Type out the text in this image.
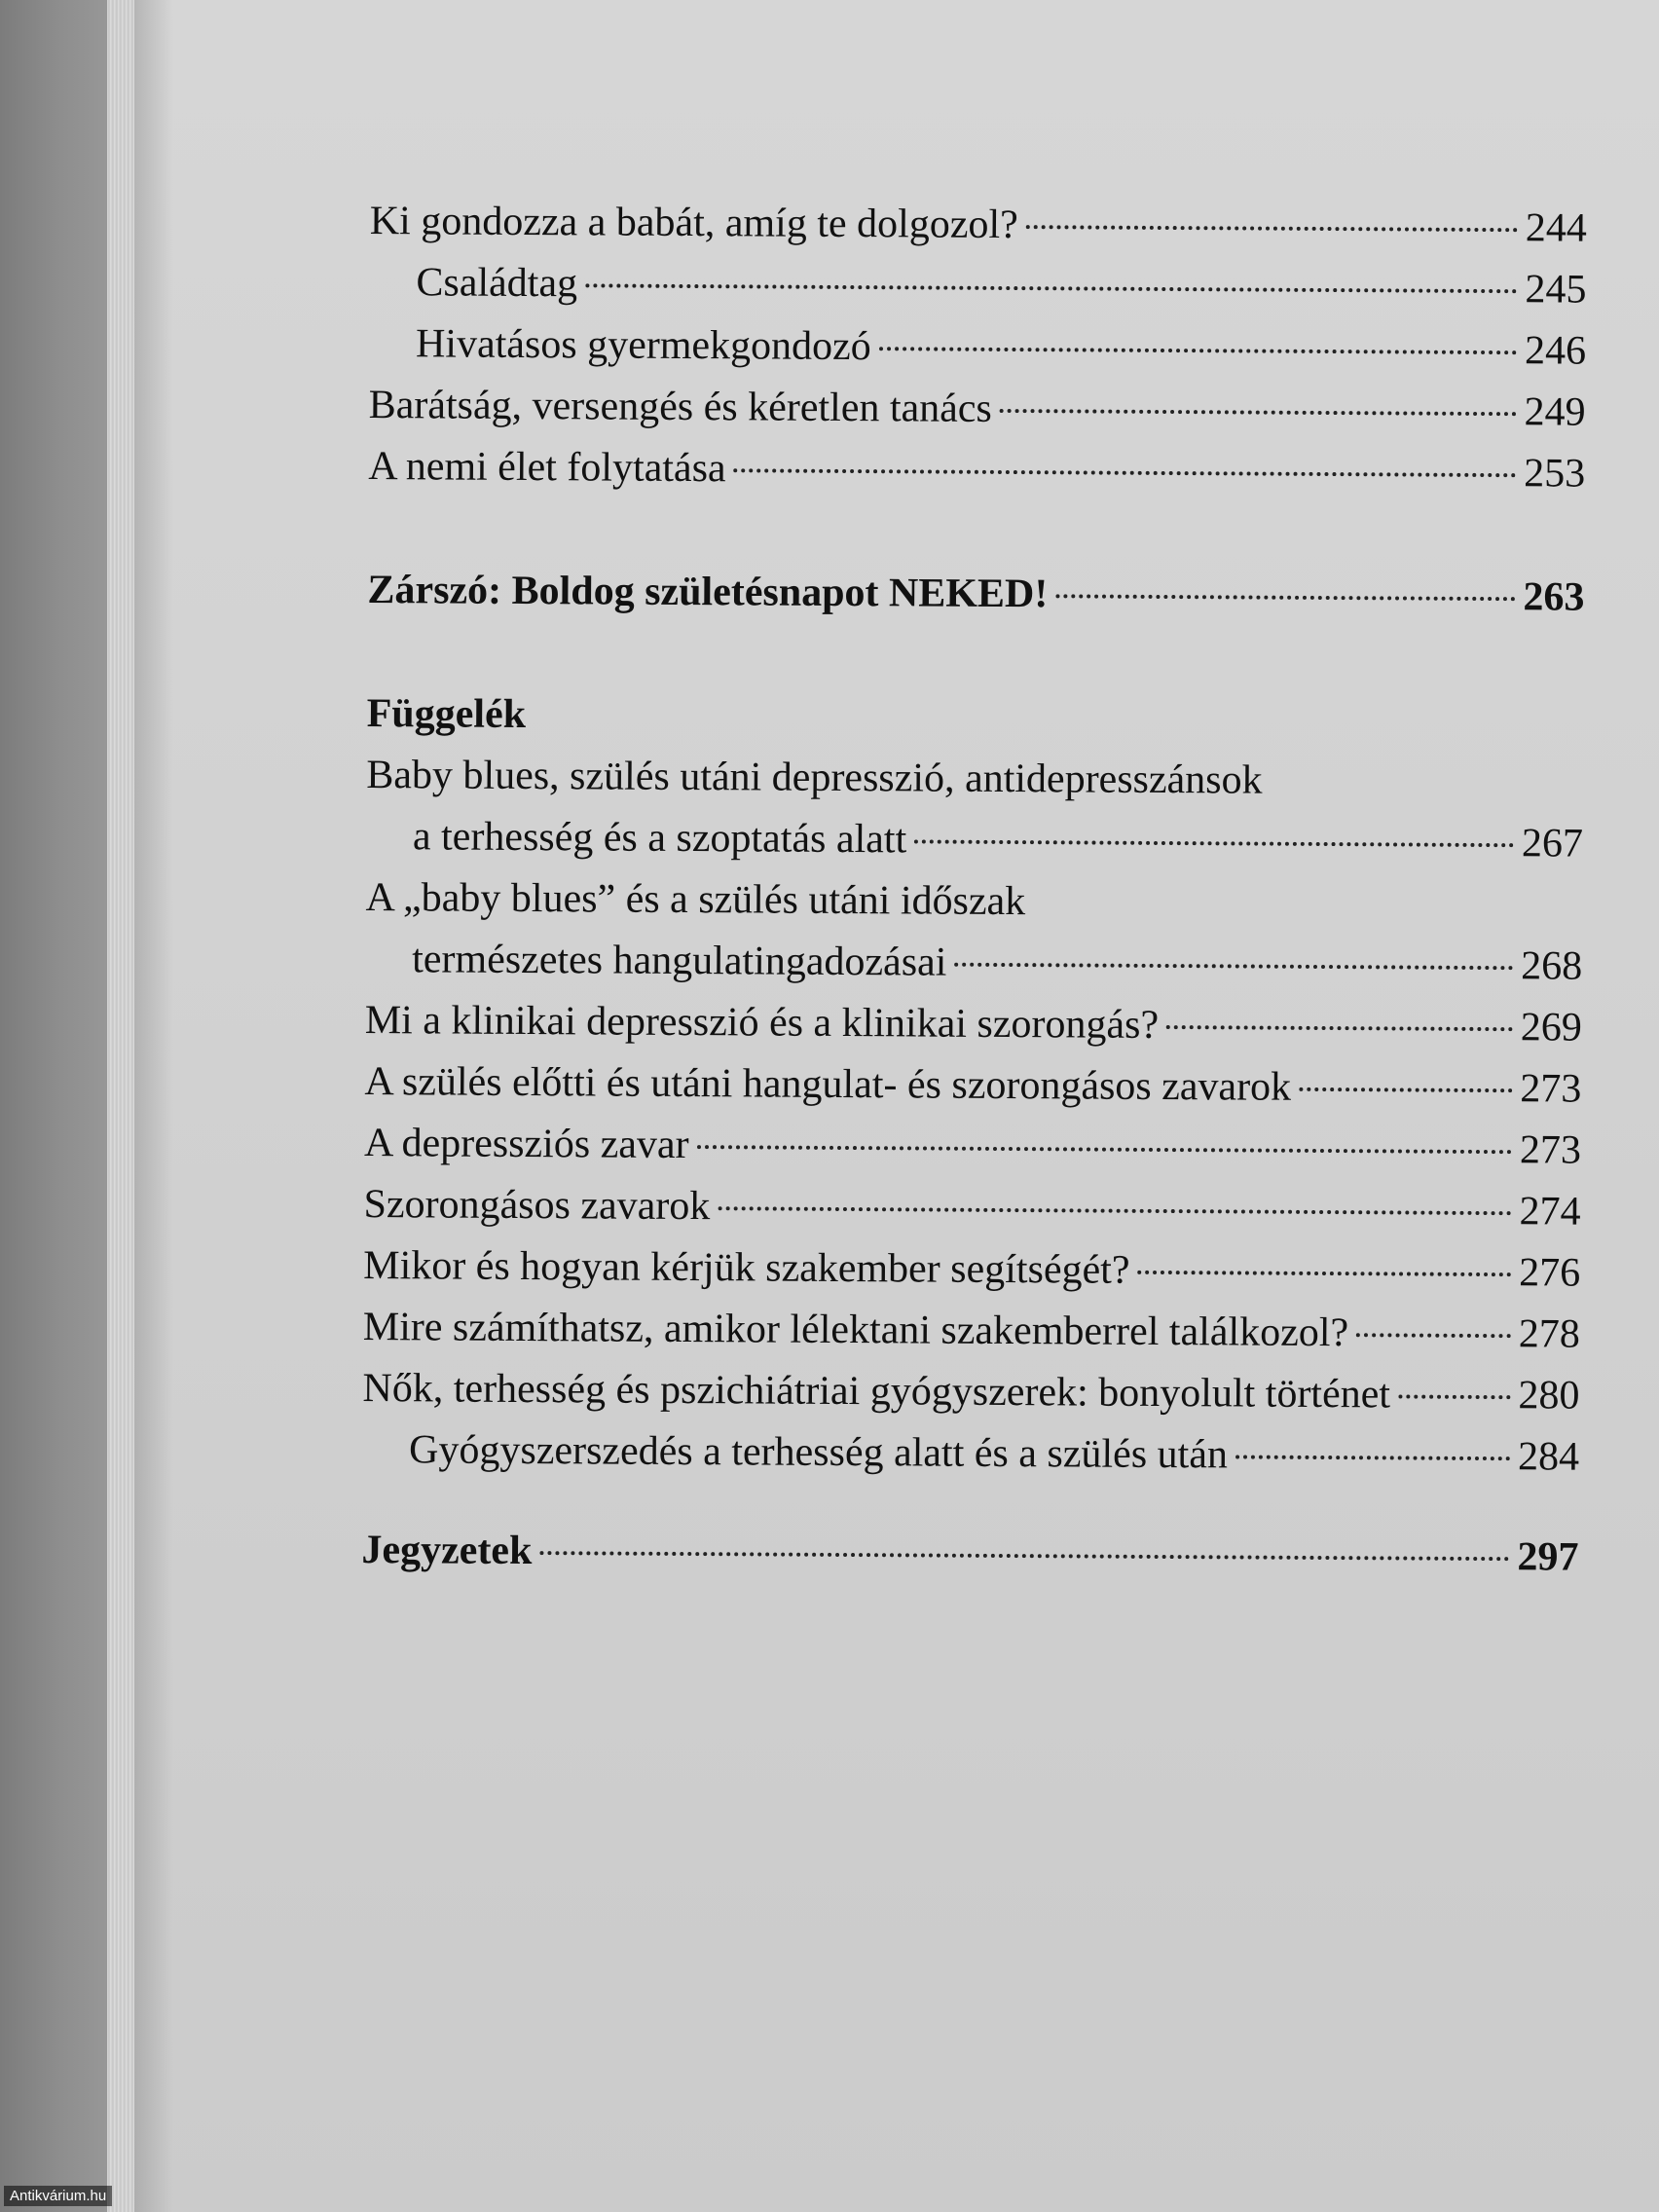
Ki gondozza a babát, amíg te dolgozol?	244
Családtag	245
Hivatásos gyermekgondozó	246
Barátság, versengés és kéretlen tanács	249
A nemi élet folytatása	253
Zárszó: Boldog születésnapot NEKED!	263
Függelék
Baby blues, szülés utáni depresszió, antidepresszánsok
a terhesség és a szoptatás alatt	267
A „baby blues” és a szülés utáni időszak
természetes hangulatingadozásai	268
Mi a klinikai depresszió és a klinikai szorongás?	269
A szülés előtti és utáni hangulat- és szorongásos zavarok	273
A depressziós zavar	273
Szorongásos zavarok	274
Mikor és hogyan kérjük szakember segítségét?	276
Mire számíthatsz, amikor lélektani szakemberrel találkozol?	278
Nők, terhesség és pszichiátriai gyógyszerek: bonyolult történet	280
Gyógyszerszedés a terhesség alatt és a szülés után	284
Jegyzetek	297
Antikvárium.hu
